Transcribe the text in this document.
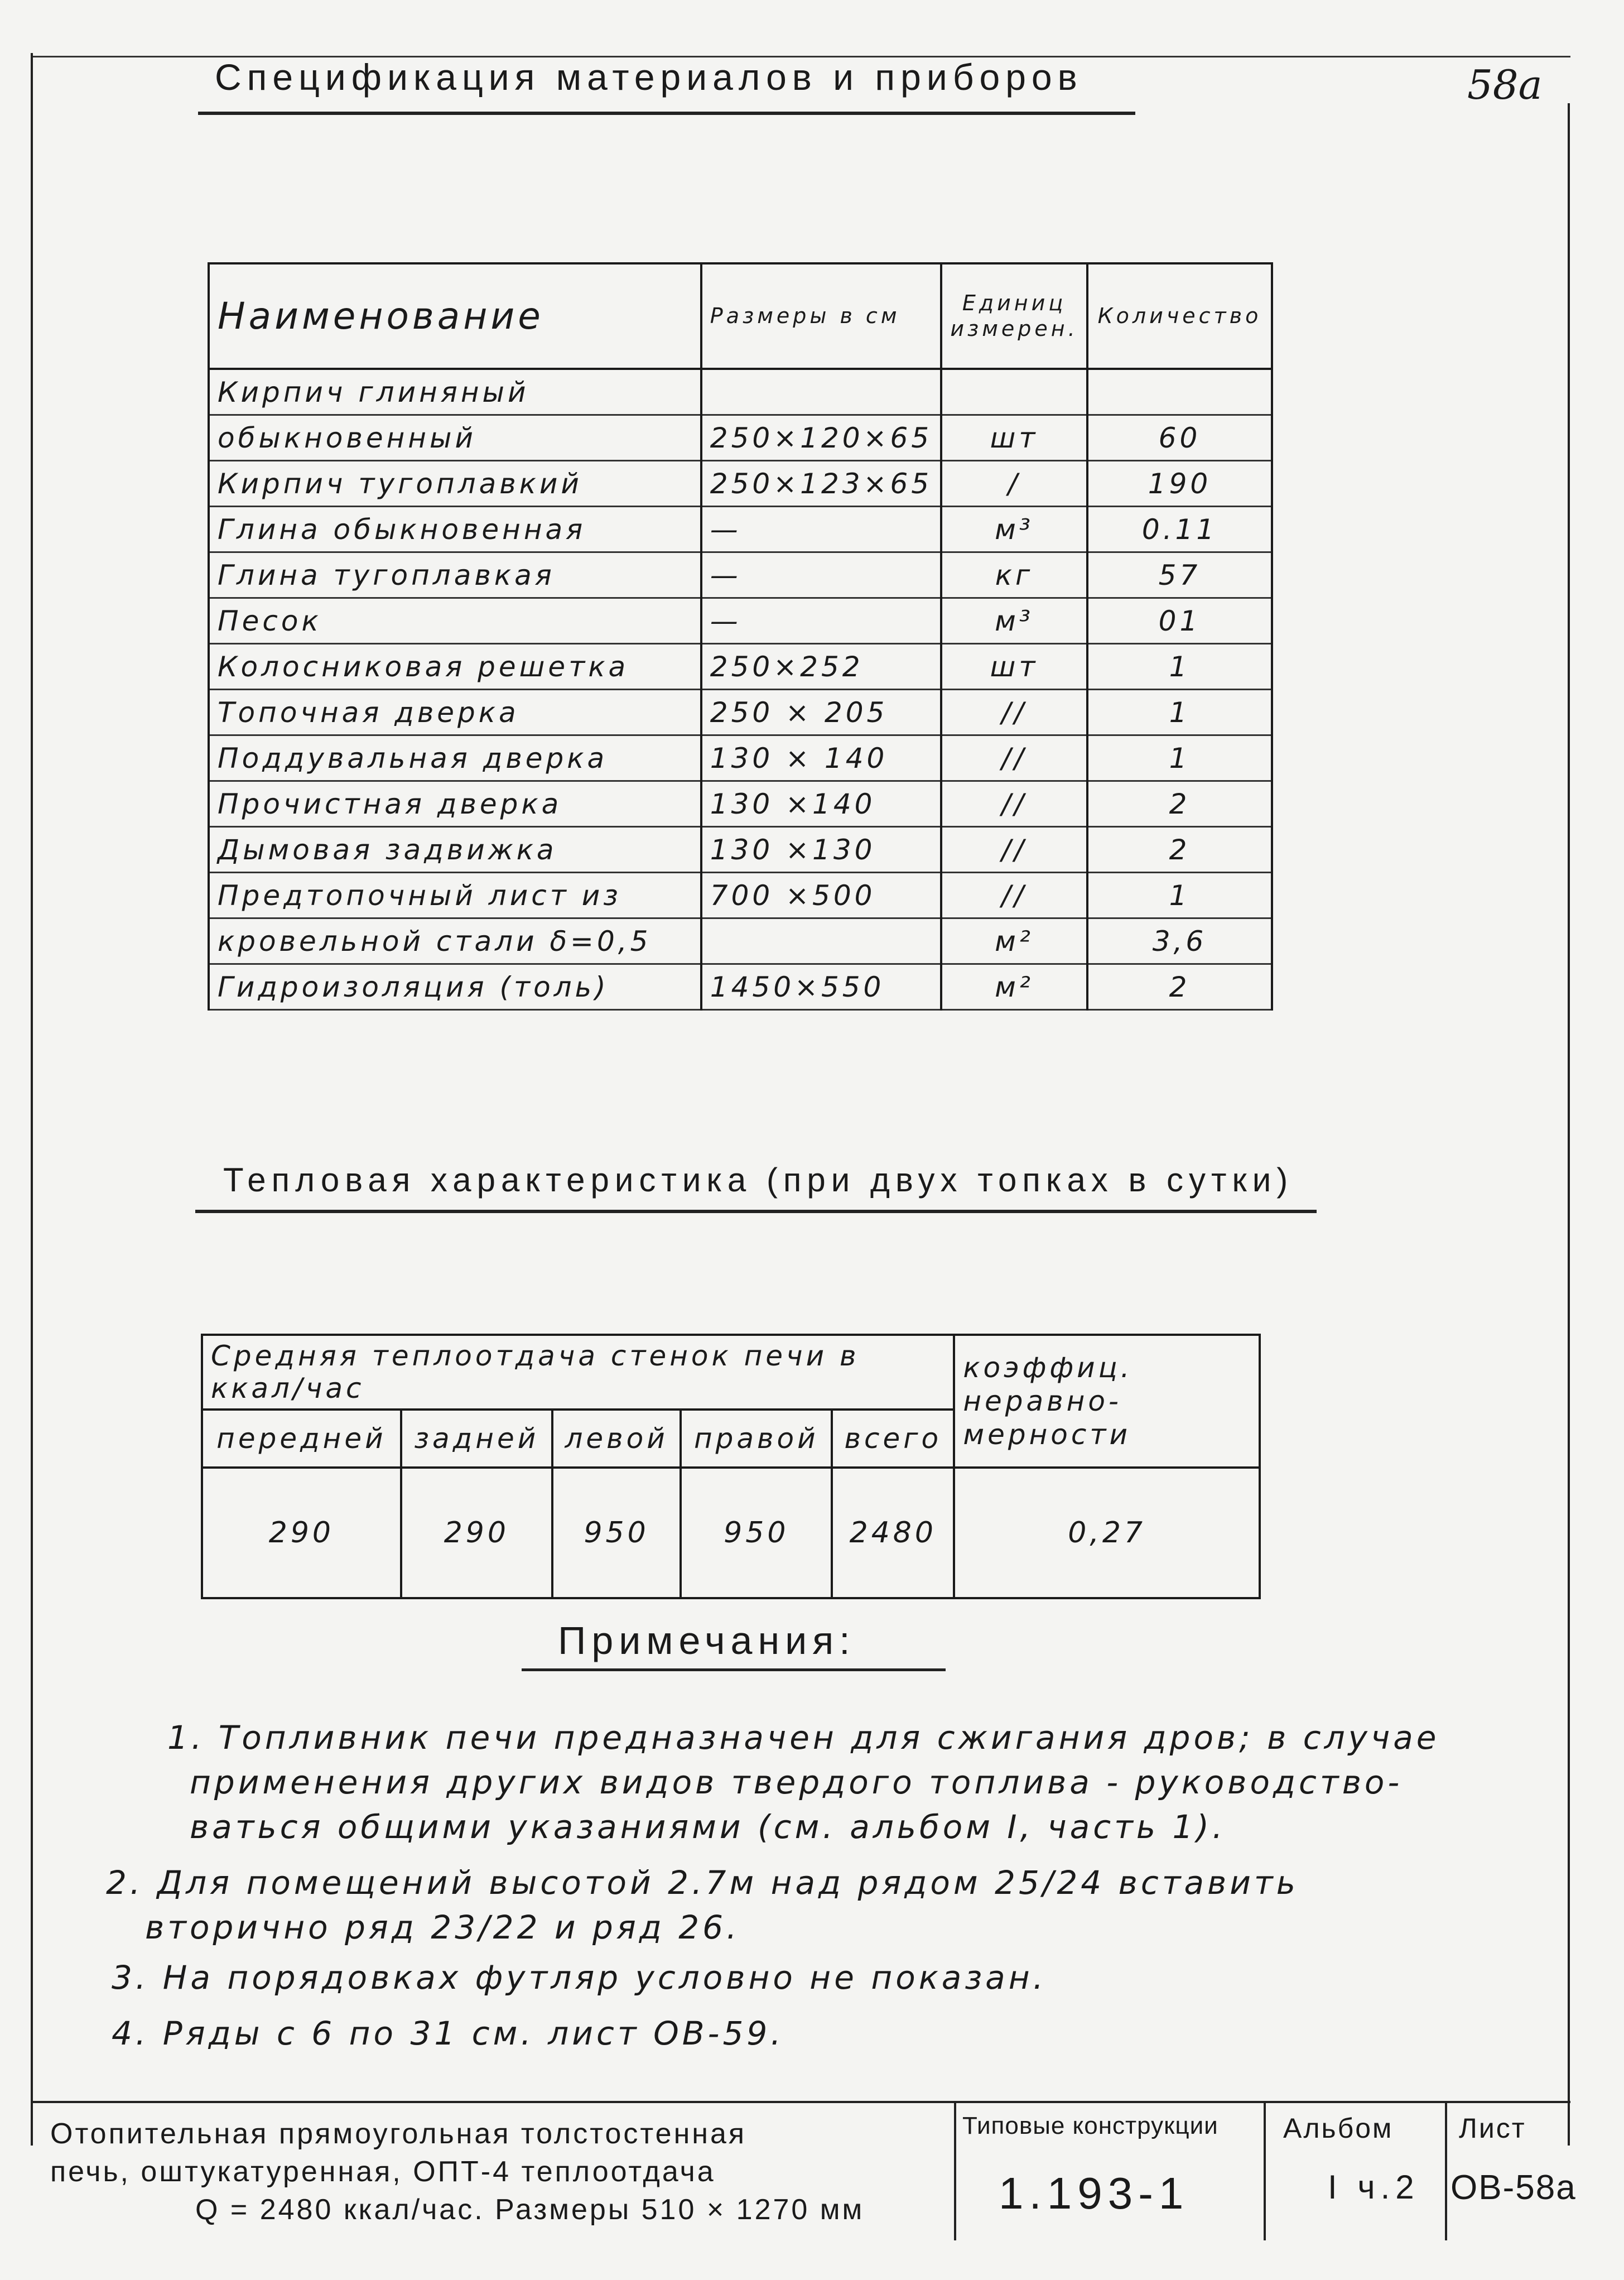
Спецификация материалов и приборов	58a
Наименование	Размеры в см	Единиц измерен.	Количество
Кирпич глиняный			
обыкновенный	250×120×65	шт	60
Кирпич тугоплавкий	250×123×65	/	190
Глина обыкновенная	—	м³	0.11
Глина тугоплавкая	—	кг	57
Песок	—	м³	01
Колосниковая решетка	250×252	шт	1
Топочная дверка	250 × 205	//	1
Поддувальная дверка	130 × 140	//	1
Прочистная дверка	130 ×140	//	2
Дымовая задвижка	130 ×130	//	2
Предтопочный лист из	700 ×500	//	1
кровельной стали δ=0,5		м²	3,6
Гидроизоляция (толь)	1450×550	м²	2
Тепловая характеристика (при двух топках в сутки)
Средняя теплоотдача стенок печи в ккал/час					коэффиц. неравно-мерности
передней	задней	левой	правой	всего	
290	290	950	950	2480	0,27
Примечания:
1. Топливник печи предназначен для сжигания дров; в случае
применения других видов твердого топлива - руководство-
ваться общими указаниями (см. альбом I, часть 1).
2. Для помещений высотой 2.7м над рядом 25/24 вставить
вторично ряд 23/22 и ряд 26.
3. На порядовках футляр условно не показан.
4. Ряды с 6 по 31 см. лист ОВ-59.
Отопительная прямоугольная толстостенная
печь, оштукатуренная, ОПТ-4 теплоотдача
Q = 2480 ккал/час. Размеры 510 × 1270 мм
Типовые конструкции
1.193-1
Альбом
I ч.2
Лист
ОВ-58а
